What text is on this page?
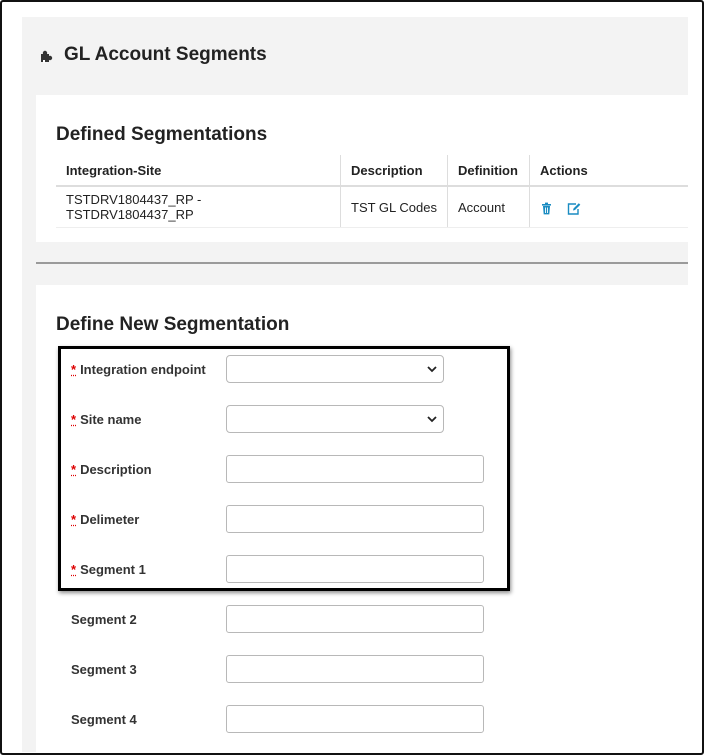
GL Account Segments
Defined Segmentations
Integration-Site	Description	Definition	Actions
TSTDRV1804437_RP - TSTDRV1804437_RP	TST GL Codes	Account	
Define New Segmentation
* Integration endpoint
* Site name
* Description
* Delimeter
* Segment 1
Segment 2
Segment 3
Segment 4
